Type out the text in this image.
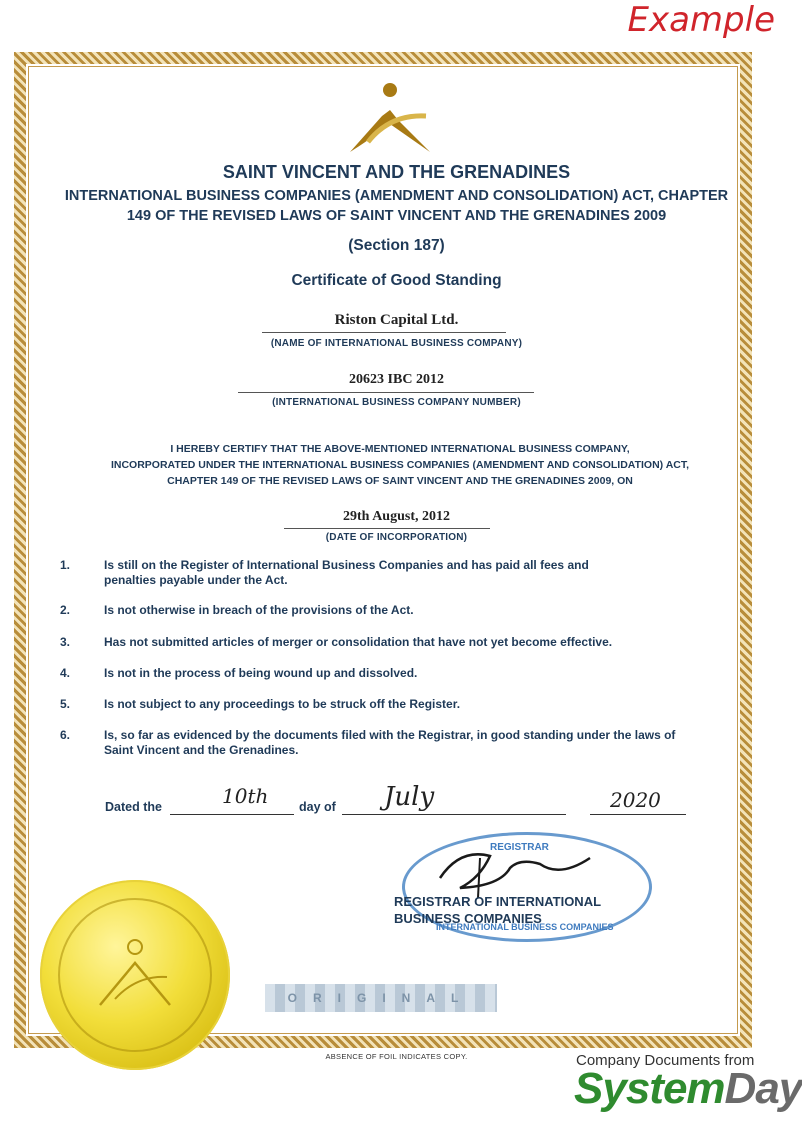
Example
SAINT VINCENT AND THE GRENADINES
INTERNATIONAL BUSINESS COMPANIES (AMENDMENT AND CONSOLIDATION) ACT, CHAPTER
149 OF THE REVISED LAWS OF SAINT VINCENT AND THE GRENADINES 2009
(Section 187)
Certificate of Good Standing
Riston Capital Ltd.
(NAME OF INTERNATIONAL BUSINESS COMPANY)
20623 IBC 2012
(INTERNATIONAL BUSINESS COMPANY NUMBER)
I HEREBY CERTIFY THAT THE ABOVE-MENTIONED INTERNATIONAL BUSINESS COMPANY,
INCORPORATED UNDER THE INTERNATIONAL BUSINESS COMPANIES (AMENDMENT AND CONSOLIDATION) ACT,
CHAPTER 149 OF THE REVISED LAWS OF SAINT VINCENT AND THE GRENADINES 2009, ON
29th August, 2012
(DATE OF INCORPORATION)
1.	Is still on the Register of International Business Companies and has paid all fees and penalties payable under the Act.
2.	Is not otherwise in breach of the provisions of the Act.
3.	Has not submitted articles of merger or consolidation that have not yet become effective.
4.	Is not in the process of being wound up and dissolved.
5.	Is not subject to any proceedings to be struck off the Register.
6.	Is, so far as evidenced by the documents filed with the Registrar, in good standing under the laws of Saint Vincent and the Grenadines.
Dated the	10th day of July	2020
REGISTRAR
INTERNATIONAL BUSINESS COMPANIES
REGISTRAR OF INTERNATIONAL
BUSINESS COMPANIES
ORIGINAL
ABSENCE OF FOIL INDICATES COPY.	Company Documents from
SystemDay
